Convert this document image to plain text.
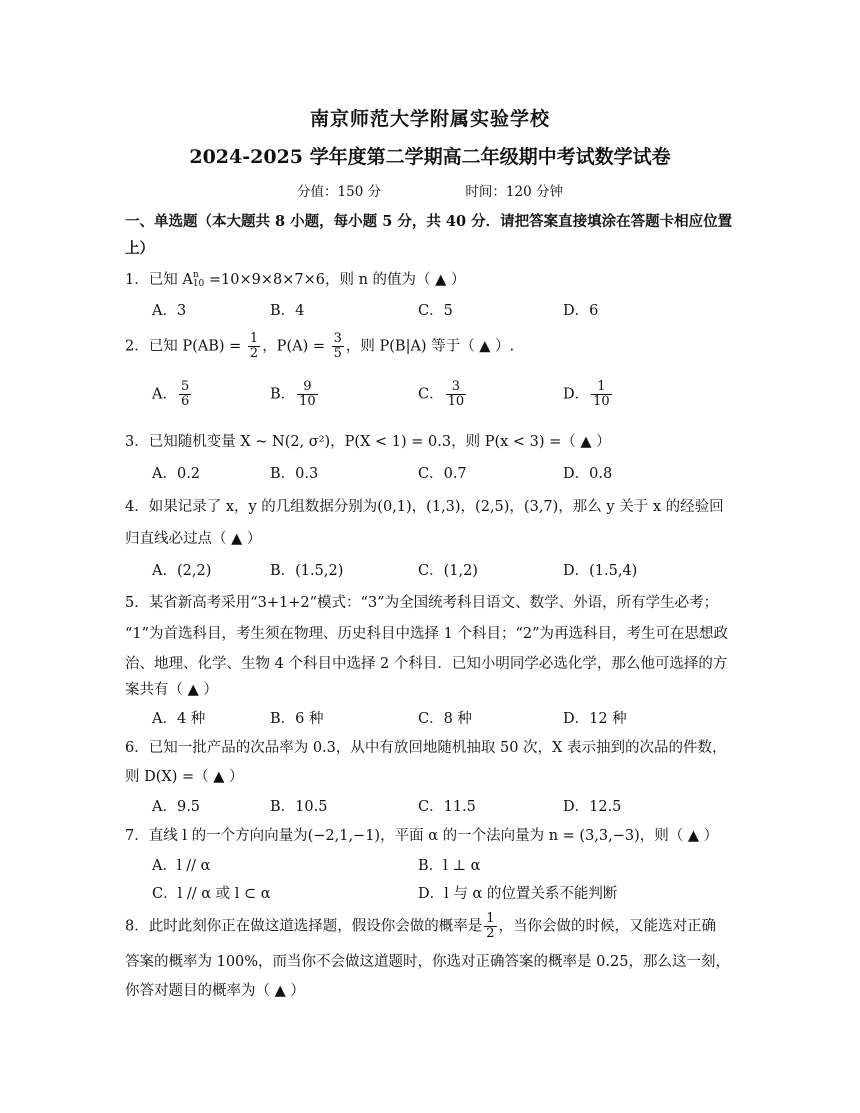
南京师范大学附属实验学校
2024-2025 学年度第二学期高二年级期中考试数学试卷
分值：150 分	时间：120 分钟
一、单选题（本大题共 8 小题，每小题 5 分，共 40 分．请把答案直接填涂在答题卡相应位置
上）
1．已知 A n
10 =10×9×8×7×6，则 n 的值为（ ▲ ）
A．3	B．4	C．5	D．6
2．已知 $P(AB) = \frac{1}{2}$ ，$P(A) = \frac{3}{5}$ ，则 P(B|A) 等于（ ▲ ）.
A． $\frac{5}{6}$	B． $\frac{9}{10}$	C． $\frac{3}{10}$	D． $\frac{1}{10}$
3．已知随机变量 X ~ N(2, σ²)，P(X < 1) = 0.3，则 P(x < 3) =（ ▲ ）
A．0.2	B．0.3	C．0.7	D．0.8
4．如果记录了 x，y 的几组数据分别为(0,1)，(1,3)，(2,5)，(3,7)，那么 y 关于 x 的经验回
归直线必过点（ ▲ ）
A．(2,2)	B．(1.5,2)	C．(1,2)	D．(1.5,4)
5．某省新高考采用“3+1+2”模式：“3”为全国统考科目语文、数学、外语，所有学生必考；
“1”为首选科目，考生须在物理、历史科目中选择 1 个科目；“2”为再选科目，考生可在思想政
治、地理、化学、生物 4 个科目中选择 2 个科目．已知小明同学必选化学，那么他可选择的方
案共有（ ▲ ）
A．4 种	B．6 种	C．8 种	D．12 种
6．已知一批产品的次品率为 0.3，从中有放回地随机抽取 50 次，X 表示抽到的次品的件数，
则 D(X) =（ ▲ ）
A．9.5	B．10.5	C．11.5	D．12.5
7．直线 l 的一个方向向量为(−2,1,−1)，平面 α 的一个法向量为 n = (3,3,−3)，则（ ▲ ）
A．l // α	B．l ⊥ α
C．l // α 或 l ⊂ α	D．l 与 α 的位置关系不能判断
8．此时此刻你正在做这道选择题，假设你会做的概率是 $\frac{1}{2}$ ，当你会做的时候，又能选对正确
答案的概率为 100%，而当你不会做这道题时，你选对正确答案的概率是 0.25，那么这一刻，
你答对题目的概率为（ ▲ ）
